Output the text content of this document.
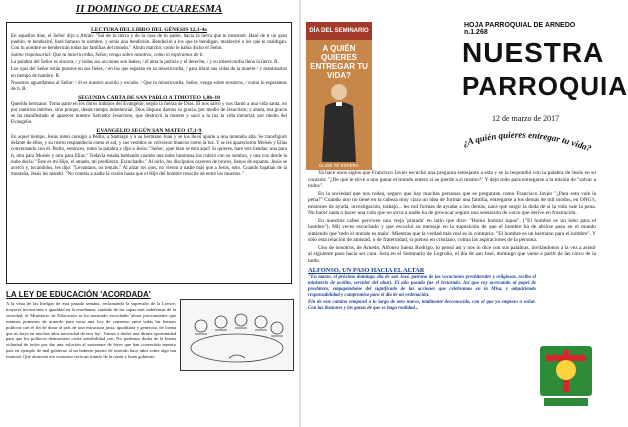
II DOMINGO DE CUARESMA
LECTURA DEL LIBRO DEL GÉNESIS 12,1-4a

En aquellos días, el Señor dijo a Abrán: "Sal de tu tierra y de la casa de tu padre, hacia la tierra que te mostraré. Haré de ti un gran pueblo, te bendeciré, haré famoso tu nombre, y serás una bendición. Bendeciré a los que te bendigan, maldeciré a los que te maldigan. Con tu nombre se bendecirán todas las familias del mundo." Abrán marchó, como le había dicho el Señor.

Salmo responsorial: Que tu misericordia, Señor, venga sobre nosotros, como lo esperamos de ti.

La palabra del Señor es sincera, / y todas sus acciones son leales; / él ama la justicia y el derecho, / y su misericordia llena la tierra. R.

Los ojos del Señor están puestos en sus fieles, / en los que esperan en su misericordia, / para librar sus vidas de la muerte / y reanimarlos en tiempo de hambre. R.

Nosotros aguardamos al Señor: / él es nuestro auxilio y escudo. / Que tu misericordia, Señor, venga sobre nosotros, / como lo esperamos de ti. R.

SEGUNDA CARTA DE SAN PABLO A TIMOTEO 1,8b-10

Querido hermano: Toma parte en los duros trabajos del Evangelio, según la fuerza de Dios. Él nos salvó y nos llamó a una vida santa, no por nuestros méritos, sino porque, desde tiempo inmemorial, Dios dispuso darnos su gracia, por medio de Jesucristo; y ahora, esa gracia se ha manifestado al aparecer nuestro Salvador Jesucristo, que destruyó la muerte y sacó a la luz la vida inmortal, por medio del Evangelio.

EVANGELIO SEGÚN SAN MATEO 17,1-9

En aquel tiempo, Jesús tomó consigo a Pedro, a Santiago y a su hermano Juan y se los llevó aparte a una montaña alta. Se transfiguró delante de ellos, y su rostro resplandecía como el sol, y sus vestidos se volvieron blancos como la luz. Y se les aparecieron Moisés y Elías conversando con él. Pedro, entonces, tomó la palabra y dijo a Jesús: "Señor, ¡qué bien se está aquí! Si quieres, haré tres tiendas: una para ti, otra para Moisés y otra para Elías." Todavía estaba hablando cuando una nube luminosa los cubrió con su sombra, y una voz desde la nube decía: "Éste es mi Hijo, el amado, mi predilecto. Escuchadlo." Al oírlo, los discípulos cayeron de bruces, llenos de espanto. Jesús se acercó y, tocándolos, les dijo: "Levantaos, no temáis." Al alzar los ojos, no vieron a nadie más que a Jesús, solo. Cuando bajaban de la montaña, Jesús les mandó: "No contéis a nadie la visión hasta que el Hijo del hombre resucite de entre los muertos."

LA LEY DE EDUCACIÓN 'ACORDADA'

A la vista de las huelgas de esta pasada semana, reclamando la supresión de la Lomce, mayores inversiones e igualdad en la enseñanza, cuidado de las capas más indefensas de la sociedad, el Ministerio de Educación se ha mostrado escuchado 'ahora precisamente que estamos ponernos de acuerdo para sacar una Ley de consenso entre todas las fuerzas políticas con el fin de dotar al país de una estructura justa, igualitaria y generosa, de forma que no haya en muchos años necesidad de otra ley'. Vamos a darles una última oportunidad para que los políticos demuestren cierta sensibilidad con. No podemos dudar de la buena voluntad de todos por dar una solución al sustentare de leyes que han convertido nuestro país en ejemplo de mal gobierno al no haberse puesto de acuerdo hace años sobre algo tan esencial. Que alcancen ese consenso sería un triunfo de la razón y buen gobierno.

DÍA DEL SEMINARIO
A QUIÉN QUIERES ENTREGAR TU VIDA?
ELIGE TE ESPERA
HOJA PARROQUIAL DE ARNEDO n.1.268
NUESTRA
PARROQUIA
12 de marzo de 2017
¿A quién quieres entregar tu vida?

Ya hace unos siglos que Francisco Javier escuchó una pregunta semejante a esta y se la respondió con la palabra de Jesús en su corazón: "¿De qué le sirve a uno ganar el mundo entero si se pierde a sí mismo?" Y dejó todo para entregarse a la misión de "salvar a todos".

En la sociedad que nos rodea, seguro que hay muchas personas que se preguntan como Francisco Javier "¿Para esto vale la pena?" Cuando uno no tiene en la cabeza muy clara un idea de formar una familia, entregarse a los demás de mil modos, en ONG's, misiones de ayuda, investigación, trabajo... les mil formas de ayudar a los demás, nace que surgir la duda de si la vida vale la pena. No hacer nada o hacer una vida que no sirva a nadie ha de provocar seguro una sensación de vacío que derive en frustración.

En nuestros calles perviven una vieja 'pintada' en latín que dice: "Homo homini lupus", ("El hombre es un lobo para el hombre"). Mil veces escuchado y que escuchó su mensaje en la suposición de que el hombre ha de abrirse paso en el mundo sintiendo que 'todo el mundo es malo'. Mientras que la verdad más real es lo contrario: "El hombre es un hermano para el hombre". Y sólo esta relación de amistad, o de fraternidad, si pienso en cristiano, colma las aspiraciones de la persona.

Uno de nosotros, de Arnedo, Alfonso Sáenz Rodrigo, lo pensó así y nos lo dice con sus palabras, invitándonos a la vez a asistir al siguiente paso hacia ser cura. Será en el Seminario de Logroño, el día de san José, domingo que viene a partir de las cinco de la tarde.

ALFONSO, UN PASO HACIA EL ALTAR

"En marzo, el próximo domingo, día de san José, patrono de las vocaciones presbiterales y religiosas, recibo el ministerio de acólito, servidor del altar). El año pasado fue el lectorado. Así que voy acercando al papel de presbítero, empapándome del significado de las acciones que celebramos en la Misa, y adquiriendo responsabilidad y compromiso para el día de mi ordenación.

Fin de este camino temporal a lo largo de otro nuevo, totalmente desconocido, con el que ya empiezo a soñar. Con las ilusiones y las ganas de que se haga realidad...
